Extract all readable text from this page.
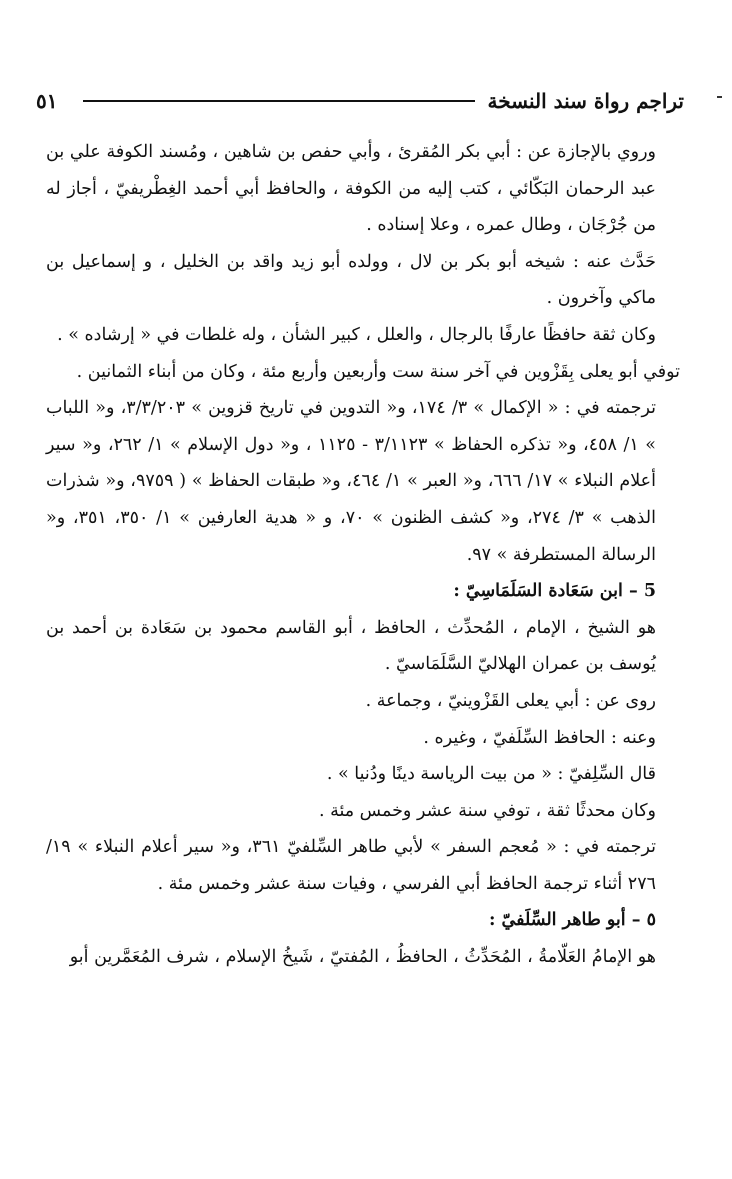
تراجم رواة سند النسخة
٥١

وروي بالإجازة عن : أبي بكر المُقرئ ، وأبي حفص بن شاهين ، ومُسند الكوفة علي بن عبد الرحمان البَكّائي ، كتب إليه من الكوفة ، والحافظ أبي أحمد الغِطْريفيّ ، أجاز له من جُرْجَان ، وطال عمره ، وعلا إسناده .

حَدَّث عنه : شيخه أبو بكر بن لال ، وولده أبو زيد واقد بن الخليل ، و إسماعيل بن ماكي وآخرون .

وكان ثقة حافظًا عارفًا بالرجال ، والعلل ، كبير الشأن ، وله غلطات في « إرشاده » .

توفي أبو يعلى بِقَزْوين في آخر سنة ست وأربعين وأربع مئة ، وكان من أبناء الثمانين .

ترجمته في : « الإكمال » ٣/ ١٧٤، و« التدوين في تاريخ قزوين » ٣/٣/٢٠٣، و« اللباب » ١/ ٤٥٨، و« تذكره الحفاظ » ٣/١١٢٣ - ١١٢٥ ، و« دول الإسلام » ١/ ٢٦٢، و« سير أعلام النبلاء » ١٧/ ٦٦٦، و« العبر » ١/ ٤٦٤، و« طبقات الحفاظ » ( ٩٧٥٩، و« شذرات الذهب » ٣/ ٢٧٤، و« كشف الظنون » ٧٠، و « هدية العارفين » ١/ ٣٥٠، ٣٥١، و« الرسالة المستطرفة » ٩٧.

5 – ابن سَعَادة السَلَمَاسِيّ :

هو الشيخ ، الإمام ، المُحدِّث ، الحافظ ، أبو القاسم محمود بن سَعَادة بن أحمد بن يُوسف بن عمران الهلاليّ السَّلَمَاسيّ .

روى عن : أبي يعلى القَزْوينيّ ، وجماعة .

وعنه : الحافظ السِّلَفيّ ، وغيره .

قال السِّلِفيّ : « من بيت الرياسة دينًا ودُنيا » .

وكان محدثًا ثقة ، توفي سنة عشر وخمس مئة .

ترجمته في : « مُعجم السفر » لأبي طاهر السِّلفيّ ٣٦١، و« سير أعلام النبلاء » ١٩/ ٢٧٦ أثناء ترجمة الحافظ أبي الفرسي ، وفيات سنة عشر وخمس مئة .

٥ – أبو طاهر السِّلَفيّ :

هو الإمامُ العَلّامةُ ، المُحَدِّثُ ، الحافظُ ، المُفتيّ ، شَيخُ الإسلام ، شرف المُعَمَّرين أبو
